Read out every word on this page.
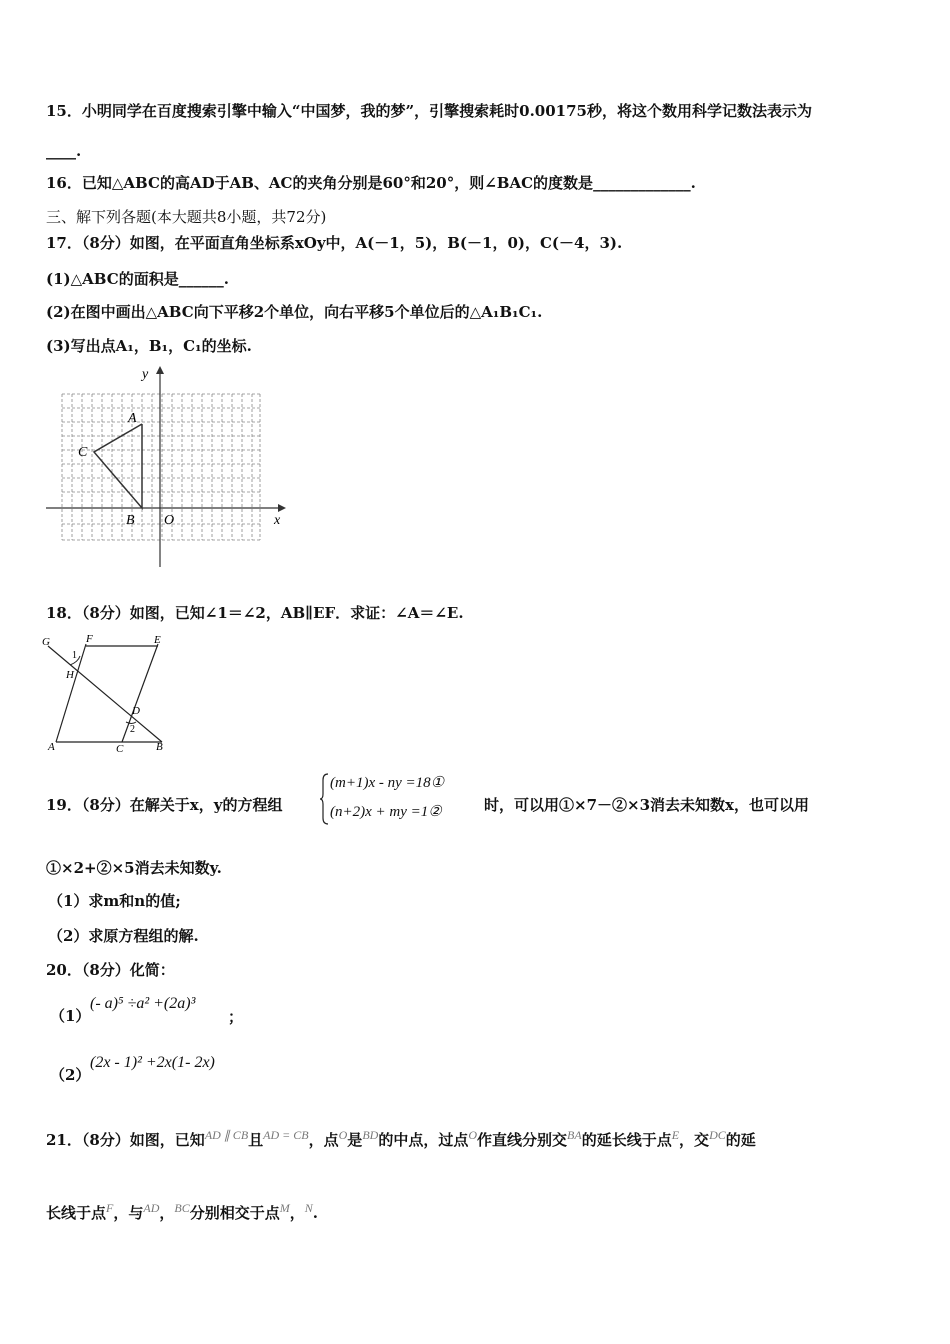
15．小明同学在百度搜索引擎中输入“中国梦，我的梦”，引擎搜索耗时0.00175秒，将这个数用科学记数法表示为
____.
16．已知△ABC的高AD于AB、AC的夹角分别是60°和20°，则∠BAC的度数是_____________.
三、解下列各题(本大题共8小题，共72分)
17．（8分）如图，在平面直角坐标系xOy中，A(－1，5)，B(－1，0)，C(－4，3).
(1)△ABC的面积是______.
(2)在图中画出△ABC向下平移2个单位，向右平移5个单位后的△A₁B₁C₁.
(3)写出点A₁，B₁，C₁的坐标.
y
x
A
C
B O
18．（8分）如图，已知∠1＝∠2，AB∥EF．求证：∠A＝∠E.
G	F	E
1
H
D
2
A	C	B
19．（8分）在解关于x，y的方程组
(m+1)x - ny =18①
(n+2)x + my =1②	时，可以用①×7－②×3消去未知数x，也可以用
①×2+②×5消去未知数y.
（1）求m和n的值;
（2）求原方程组的解.
20．（8分）化简：
（1）
(- a)⁵ ÷a² +(2a)³
；
（2）
(2x - 1)² +2x(1- 2x)
21．（8分）如图，已知$^{AD \parallel CB}$且$^{AD = CB}$，点$^O$是$^{BD}$的中点，过点$^O$作直线分别交$^{BA}$的延长线于点$^E$，交$^{DC}$的延
长线于点$^F$，与$^{AD}$，$^{BC}$分别相交于点$^M$，$^N$.
